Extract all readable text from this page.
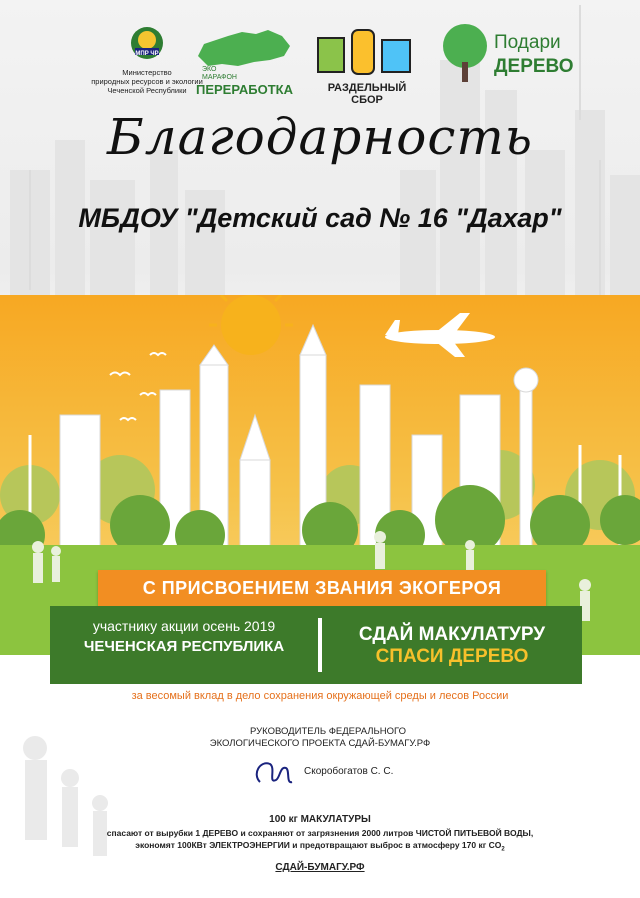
МПР ЧР
Министерство
природных ресурсов и экологии
Чеченской Республики
ЭКО
МАРАФОН
ПЕРЕРАБОТКА	РАЗДЕЛЬНЫЙ СБОР
Подари
ДЕРЕВО
Благодарность
МБДОУ "Детский сад № 16 "Дахар"
С ПРИСВОЕНИЕМ ЗВАНИЯ ЭКОГЕРОЯ
участнику акции осень 2019
ЧЕЧЕНСКАЯ РЕСПУБЛИКА
СДАЙ МАКУЛАТУРУ
СПАСИ ДЕРЕВО
за весомый вклад в дело сохранения окружающей среды и лесов России
РУКОВОДИТЕЛЬ ФЕДЕРАЛЬНОГО
ЭКОЛОГИЧЕСКОГО ПРОЕКТА СДАЙ-БУМАГУ.РФ
Скоробогатов С. С.
100 кг МАКУЛАТУРЫ
спасают от вырубки 1 ДЕРЕВО и сохраняют от загрязнения 2000 литров ЧИСТОЙ ПИТЬЕВОЙ ВОДЫ,
экономят 100КВт ЭЛЕКТРОЭНЕРГИИ и предотвращают выброс в атмосферу 170 кг $CO_2$
СДАЙ-БУМАГУ.РФ
